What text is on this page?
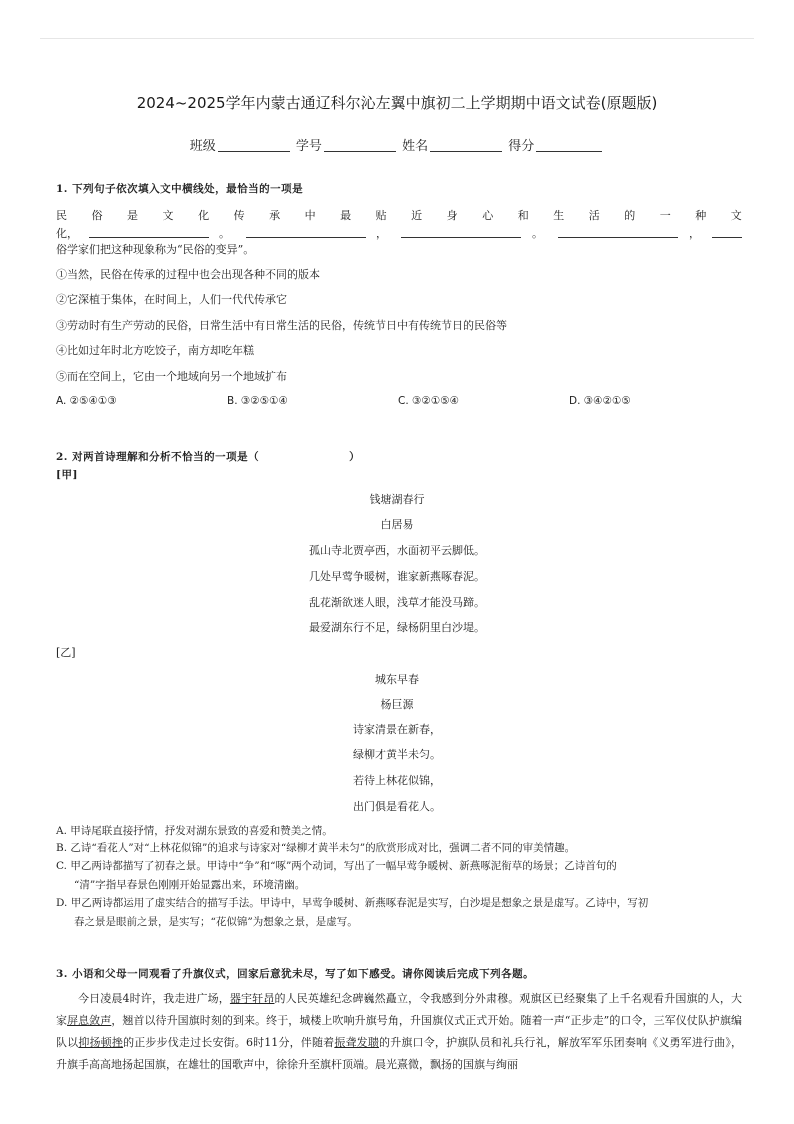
2024~2025学年内蒙古通辽科尔沁左翼中旗初二上学期期中语文试卷(原题版)
班级	学号	姓名	得分
1. 下列句子依次填入文中横线处，最恰当的一项是
民 俗 是 文 化 传 承 中 最 贴 近 身 心 和 生 活 的 一 种 文
化，	。	，	。	，
俗学家们把这种现象称为“民俗的变异”。
①当然，民俗在传承的过程中也会出现各种不同的版本
②它深植于集体，在时间上，人们一代代传承它
③劳动时有生产劳动的民俗，日常生活中有日常生活的民俗，传统节日中有传统节日的民俗等
④比如过年时北方吃饺子，南方却吃年糕
⑤而在空间上，它由一个地域向另一个地域扩布
A. ②⑤④①③	B. ③②⑤①④	C. ③②①⑤④	D. ③④②①⑤
2. 对两首诗理解和分析不恰当的一项是（	）
[甲]
钱塘湖春行
白居易
孤山寺北贾亭西，水面初平云脚低。
几处早莺争暖树，谁家新燕啄春泥。
乱花渐欲迷人眼，浅草才能没马蹄。
最爱湖东行不足，绿杨阴里白沙堤。
[乙]
城东早春
杨巨源
诗家清景在新春，
绿柳才黄半未匀。
若待上林花似锦，
出门俱是看花人。
A. 甲诗尾联直接抒情，抒发对湖东景致的喜爱和赞美之情。
B. 乙诗“看花人”对“上林花似锦”的追求与诗家对“绿柳才黄半未匀”的欣赏形成对比，强调二者不同的审美情趣。
C. 甲乙两诗都描写了初春之景。甲诗中“争”和“啄”两个动词，写出了一幅早莺争暖树、新燕啄泥衔草的场景；乙诗首句的
“清”字指早春景色刚刚开始显露出来，环境清幽。
D. 甲乙两诗都运用了虚实结合的描写手法。甲诗中，早莺争暖树、新燕啄春泥是实写，白沙堤是想象之景是虚写。乙诗中，写初
春之景是眼前之景，是实写；“花似锦”为想象之景，是虚写。
3. 小语和父母一同观看了升旗仪式，回家后意犹未尽，写了如下感受。请你阅读后完成下列各题。
今日凌晨4时许，我走进广场，器宇轩昂的人民英雄纪念碑巍然矗立，令我感到分外肃穆。观旗区已经聚集了上千名观看升国旗的人，大家屏息敛声，翘首以待升国旗时刻的到来。终于，城楼上吹响升旗号角，升国旗仪式正式开始。随着一声“正步走”的口令，三军仪仗队护旗编队以抑扬顿挫的正步步伐走过长安街。6时11分，伴随着振聋发聩的升旗口令，护旗队员和礼兵行礼，解放军军乐团奏响《义勇军进行曲》，升旗手高高地扬起国旗，在雄壮的国歌声中，徐徐升至旗杆顶端。晨光熹微，飘扬的国旗与绚丽
